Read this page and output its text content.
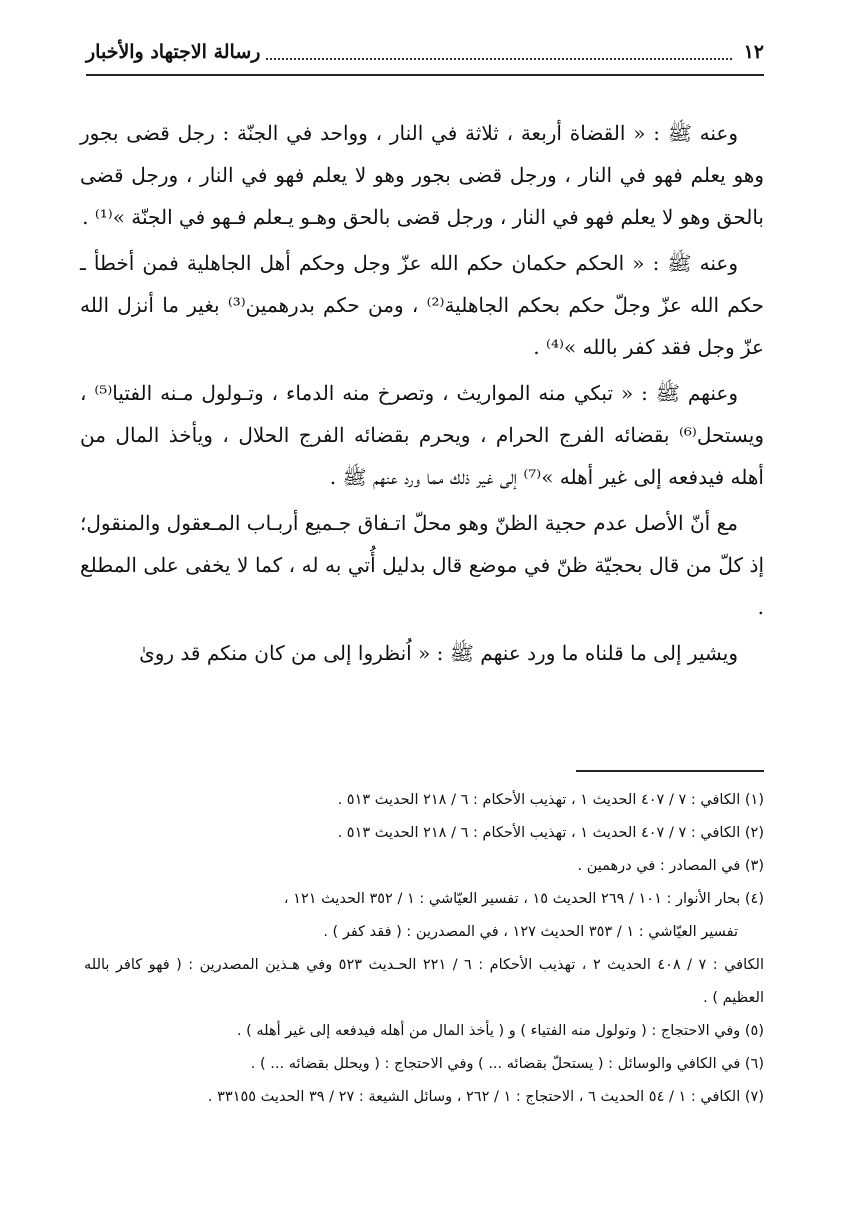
١٢
رسالة الاجتهاد والأخبار

وعنه ﷺ : « القضاة أربعة ، ثلاثة في النار ، وواحد في الجنّة : رجل قضى بجور وهو يعلم فهو في النار ، ورجل قضى بجور وهو لا يعلم فهو في النار ، ورجل قضى بالحق وهو لا يعلم فهو في النار ، ورجل قضى بالحق وهـو يـعلم فـهو في الجنّة »⁽¹⁾ .

وعنه ﷺ : « الحكم حكمان حكم الله عزّ وجل وحكم أهل الجاهلية فمن أخطأ ـ حكم الله عزّ وجلّ حكم بحكم الجاهلية⁽²⁾ ، ومن حكم بدرهمين⁽³⁾ بغير ما أنزل الله عزّ وجل فقد كفر بالله »⁽⁴⁾ .

وعنهم ﷺ : « تبكي منه المواريث ، وتصرخ منه الدماء ، وتـولول مـنه الفتيا⁽⁵⁾ ، ويستحل⁽⁶⁾ بقضائه الفرج الحرام ، ويحرم بقضائه الفرج الحلال ، ويأخذ المال من أهله فيدفعه إلى غير أهله »⁽⁷⁾ إلى غير ذلك مما ورد عنهم ﷺ .

مع أنّ الأصل عدم حجية الظنّ وهو محلّ اتـفاق جـميع أربـاب المـعقول والمنقول؛إذ كلّ من قال بحجيّة ظنّ في موضع قال بدليل أُتي به له ، كما لا يخفى على المطلع .

ويشير إلى ما قلناه ما ورد عنهم ﷺ : « اُنظروا إلى من كان منكم قد روىٰ

(١) الكافي : ٧ / ٤٠٧ الحديث ١ ، تهذيب الأحكام : ٦ / ٢١٨ الحديث ٥١٣ .
(٢) الكافي : ٧ / ٤٠٧ الحديث ١ ، تهذيب الأحكام : ٦ / ٢١٨ الحديث ٥١٣ .
(٣) في المصادر : في درهمين .
(٤) بحار الأنوار : ١٠١ / ٢٦٩ الحديث ١٥ ، تفسير العيّاشي : ١ / ٣٥٢ الحديث ١٢١ ،
تفسير العيّاشي : ١ / ٣٥٣ الحديث ١٢٧ ، في المصدرين : ( فقد كفر ) .
الكافي : ٧ / ٤٠٨ الحديث ٢ ، تهذيب الأحكام : ٦ / ٢٢١ الحـديث ٥٢٣ وفي هـذين المصدرين : ( فهو كافر بالله العظيم ) .
(٥) وفي الاحتجاج : ( وتولول منه الفتياء ) و ( يأخذ المال من أهله فيدفعه إلى غير أهله ) .
(٦) في الكافي والوسائل : ( يستحلّ بقضائه ... ) وفي الاحتجاج : ( ويحلل بقضائه ... ) .
(٧) الكافي : ١ / ٥٤ الحديث ٦ ، الاحتجاج : ١ / ٢٦٢ ، وسائل الشيعة : ٢٧ / ٣٩ الحديث ٣٣١٥٥ .
